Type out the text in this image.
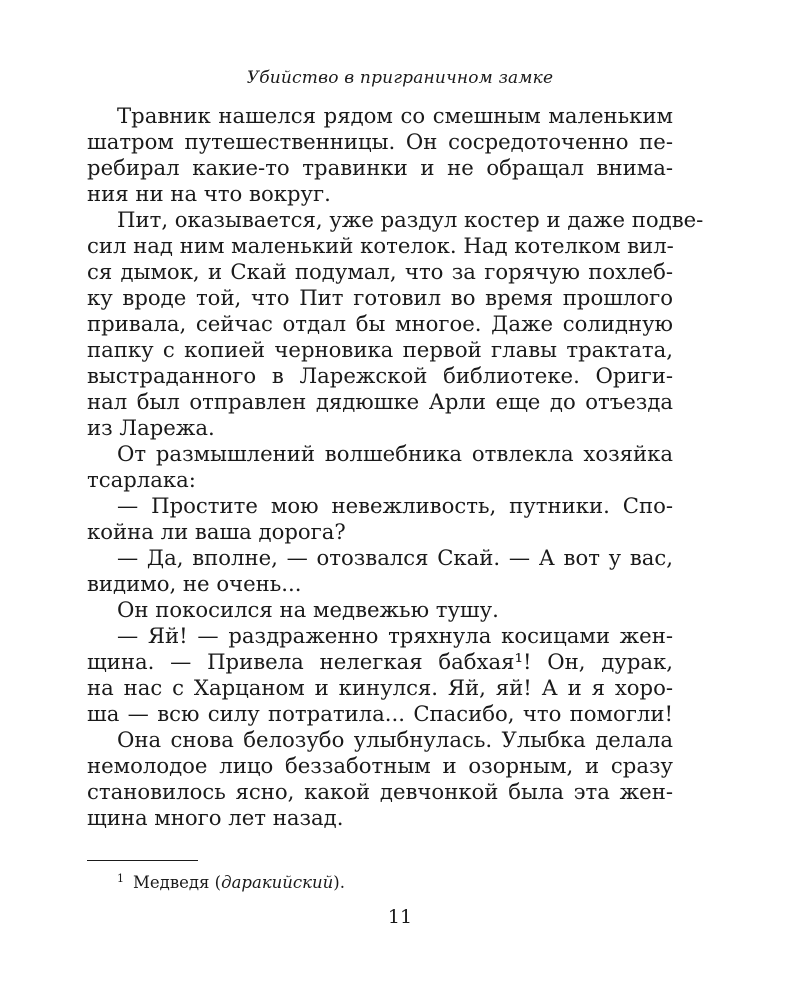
Убийство в приграничном замке
Травник нашелся рядом со смешным маленьким
шатром путешественницы. Он сосредоточенно пе-
ребирал какие-то травинки и не обращал внима-
ния ни на что вокруг.
Пит, оказывается, уже раздул костер и даже подве-
сил над ним маленький котелок. Над котелком вил-
ся дымок, и Скай подумал, что за горячую похлеб-
ку вроде той, что Пит готовил во время прошлого
привала, сейчас отдал бы многое. Даже солидную
папку с копией черновика первой главы трактата,
выстраданного в Ларежской библиотеке. Ориги-
нал был отправлен дядюшке Арли еще до отъезда
из Ларежа.
От размышлений волшебника отвлекла хозяйка
тсарлака:
— Простите мою невежливость, путники. Спо-
койна ли ваша дорога?
— Да, вполне, — отозвался Скай. — А вот у вас,
видимо, не очень...
Он покосился на медвежью тушу.
— Яй! — раздраженно тряхнула косицами жен-
щина. — Привела нелегкая бабхая¹! Он, дурак,
на нас с Харцаном и кинулся. Яй, яй! А и я хоро-
ша — всю силу потратила... Спасибо, что помогли!
Она снова белозубо улыбнулась. Улыбка делала
немолодое лицо беззаботным и озорным, и сразу
становилось ясно, какой девчонкой была эта жен-
щина много лет назад.
$^1$ Медведя (даракийский).
11
